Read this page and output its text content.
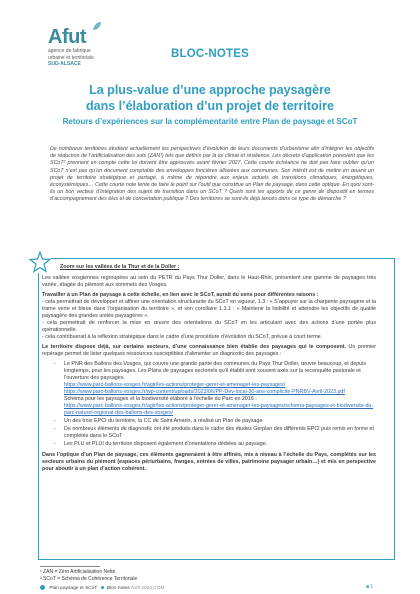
Afut
agence de fabrique
urbaine et territoriale
SUD-ALSACE
BLOC-NOTES
La plus-value d’une approche paysagère
dans l’élaboration d’un projet de territoire
Retours d’expériences sur la complémentarité entre Plan de paysage et SCoT
De nombreux territoires étudient actuellement les perspectives d’évolution de leurs documents d’urbanisme afin d’intégrer les objectifs de réduction de l’artificialisation des sols (ZAN¹) tels que définis par la loi climat et résilience. Les décrets d’application prévoient que les SCoT² prennent en compte cette loi doivent être approuvés avant février 2027. Cette courte échéance ne doit pas faire oublier qu’un SCoT n’est pas qu’un document comptable des enveloppes foncières allouées aux communes. Son intérêt est de mettre en œuvre un projet de territoire stratégique et partagé, à même de répondre aux enjeux actuels de transitions climatiques, énergétiques, écosystémiques… Cette courte note tente de faire le point sur l’outil que constitue un Plan de paysage, dans cette optique. En quoi sont-ils un bon vecteur d’intégration des sujets de transition dans un SCoT ? Quels sont les apports de ce genre de dispositif en termes d’accompagnement des élus et de concertation publique ? Des territoires se sont-ils déjà lancés dans ce type de démarche ?
Zoom sur les vallées de la Thur et de la Doller :

Les vallées vosgiennes regroupées au sein du PETR du Pays Thur Doller, dans le Haut-Rhin, présentent une gamme de paysages très variée, étagée du piémont aux sommets des Vosges.

Travailler à un Plan de paysage à cette échelle, en lien avec le SCoT, aurait du sens pour différentes raisons :
- cela permettrait de développer et affiner une orientation structurante du SCoT en vigueur, 1.3 : « S’appuyer sur la charpente paysagère et la trame verte et bleue dans l’organisation du territoire », et son corollaire 1.3.1 : « Maintenir la lisibilité et atteindre les objectifs de qualité paysagère des grandes unités paysagères ».
- cela permettrait de renforcer la mise en œuvre des orientations du SCoT en les articulant avec des actions d’une portée plus opérationnelle.
- cela contribuerait à la réflexion stratégique dans le cadre d’une procédure d’évolution du SCoT, prévue à court terme.

Le territoire dispose déjà, sur certains secteurs, d’une connaissance bien établie des paysages qui le composent. Un premier repérage permet de lister quelques ressources susceptibles d’alimenter un diagnostic des paysages :

- Le PNR des Ballons des Vosges, qui couvre une grande partie des communes du Pays Thur Doller, œuvre beaucoup, et depuis longtemps, pour les paysages. Les Plans de paysages sectoriels qu’il établit sont souvent axés sur la reconquête pastorale et l’ouverture des paysages.
https://www.parc-ballons-vosges.fr/agir/les-actions/proteger-gerer-et-amenager-les-paysages/
https://www.parc-ballons-vosges.fr/wp-content/uploads/2023/06/PP-Dev-local-30-ans-complicite-PNRBV-Avril-2023.pdf
Schéma pour les paysages et la biodiversité élaboré à l’échelle du Parc en 2016 :
https://www.parc-ballons-vosges.fr/agir/les-actions/proteger-gerer-et-amenager-les-paysages/schema-paysages-et-biodiversite-du-parc-naturel-regional-des-ballons-des-vosges/
- Un des trois EPCI du territoire, la CC de Saint Amarin, a réalisé un Plan de paysage
- De nombreux éléments de diagnostic ont été produits dans le cadre des études Gerplan des différents EPCI puis remis en forme et complétés dans le SCoT
- Les PLU et PLUI du territoire disposent également d’orientations dédiées au paysage.

Dans l’optique d’un Plan de paysage, ces éléments gagneraient à être affinés, mis à niveau à l’échelle du Pays, complétés sur les secteurs urbains du piémont (espaces périurbains, franges, entrées de villes, patrimoine paysager urbain…) et mis en perspective pour aboutir à un plan d’action cohérent.

¹ ZAN = Zéro Artificialisation Nette
² SCoT = Schéma de Cohérence Territoriale
Plan paysage et SCoT Bloc-notes Avril 2024 COM	■ 1
